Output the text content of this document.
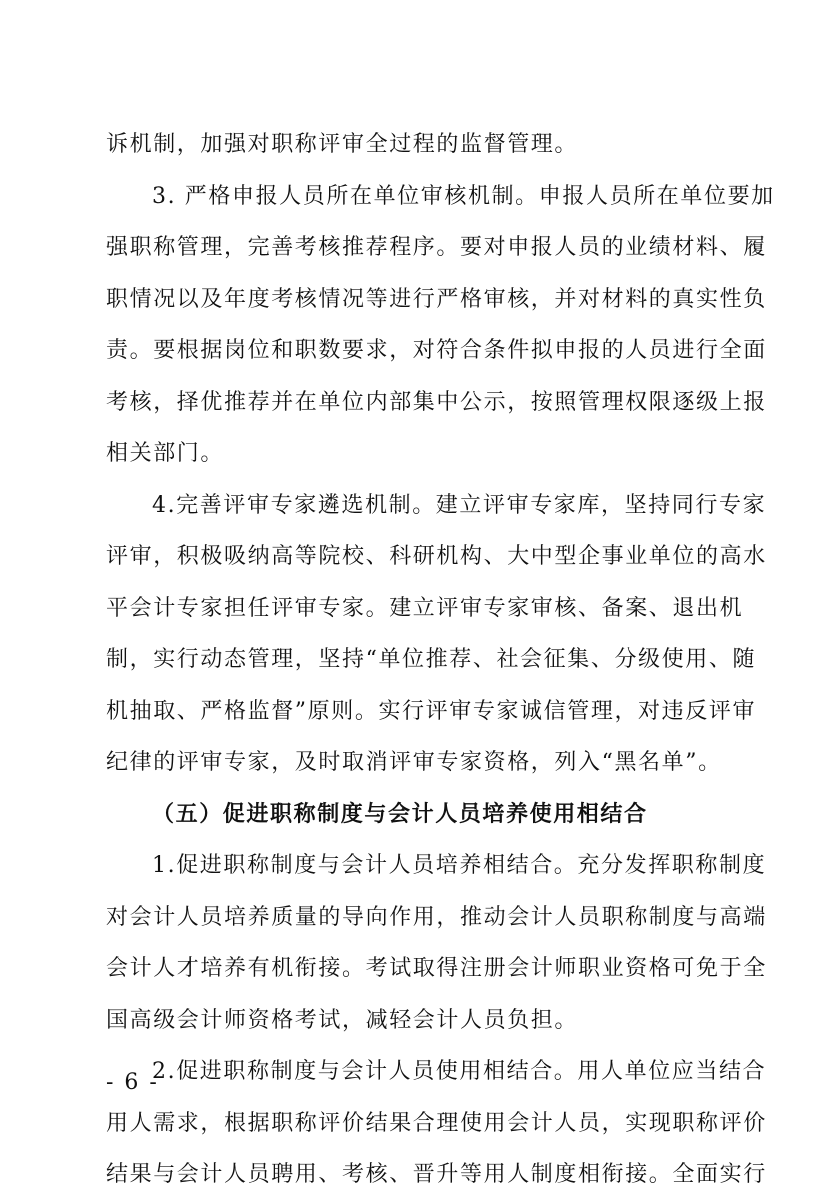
诉机制，加强对职称评审全过程的监督管理。
3. 严格申报人员所在单位审核机制。申报人员所在单位要加
强职称管理，完善考核推荐程序。要对申报人员的业绩材料、履
职情况以及年度考核情况等进行严格审核，并对材料的真实性负
责。要根据岗位和职数要求，对符合条件拟申报的人员进行全面
考核，择优推荐并在单位内部集中公示，按照管理权限逐级上报
相关部门。
4.完善评审专家遴选机制。建立评审专家库，坚持同行专家
评审，积极吸纳高等院校、科研机构、大中型企事业单位的高水
平会计专家担任评审专家。建立评审专家审核、备案、退出机
制，实行动态管理，坚持“单位推荐、社会征集、分级使用、随
机抽取、严格监督”原则。实行评审专家诚信管理，对违反评审
纪律的评审专家，及时取消评审专家资格，列入“黑名单”。
（五）促进职称制度与会计人员培养使用相结合
1.促进职称制度与会计人员培养相结合。充分发挥职称制度
对会计人员培养质量的导向作用，推动会计人员职称制度与高端
会计人才培养有机衔接。考试取得注册会计师职业资格可免于全
国高级会计师资格考试，减轻会计人员负担。
2.促进职称制度与会计人员使用相结合。用人单位应当结合
用人需求，根据职称评价结果合理使用会计人员，实现职称评价
结果与会计人员聘用、考核、晋升等用人制度相衔接。全面实行
- 6 -
